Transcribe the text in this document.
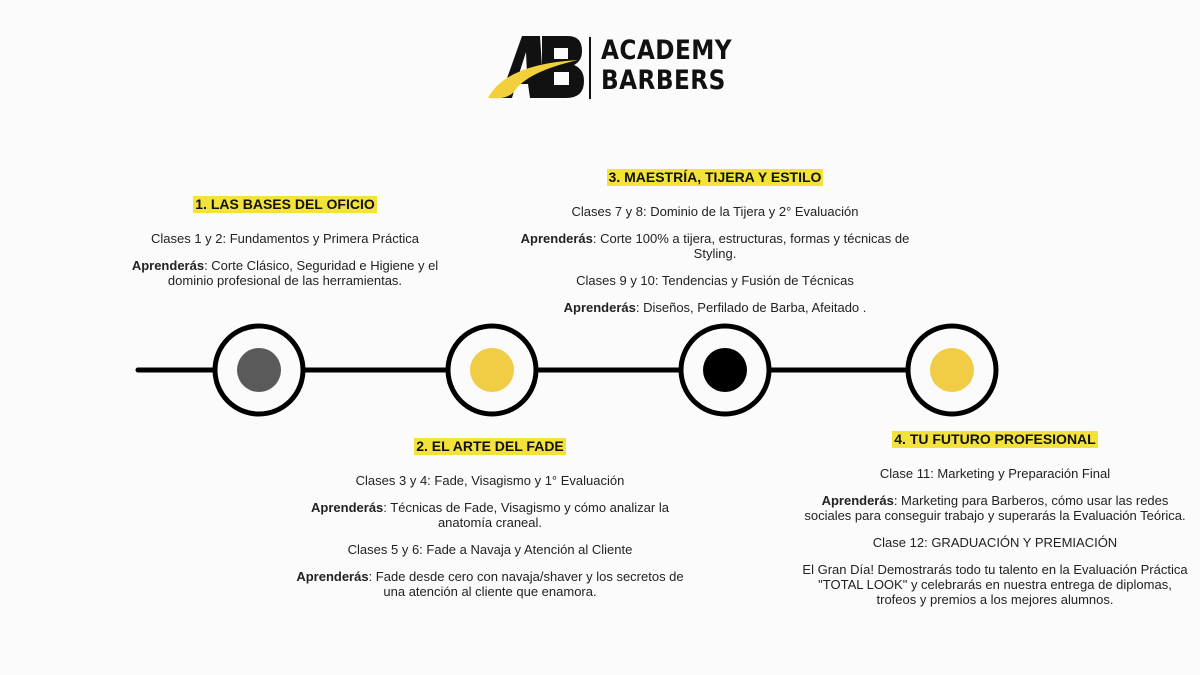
ACADEMY
BARBERS
1. LAS BASES DEL OFICIO

Clases 1 y 2: Fundamentos y Primera Práctica

Aprenderás: Corte Clásico, Seguridad e Higiene y el dominio profesional de las herramientas.

2. EL ARTE DEL FADE

Clases 3 y 4: Fade, Visagismo y 1° Evaluación

Aprenderás: Técnicas de Fade, Visagismo y cómo analizar la anatomía craneal.

Clases 5 y 6: Fade a Navaja y Atención al Cliente

Aprenderás: Fade desde cero con navaja/shaver y los secretos de una atención al cliente que enamora.

3. MAESTRÍA, TIJERA Y ESTILO

Clases 7 y 8: Dominio de la Tijera y 2° Evaluación

Aprenderás: Corte 100% a tijera, estructuras, formas y técnicas de Styling.

Clases 9 y 10: Tendencias y Fusión de Técnicas

Aprenderás: Diseños, Perfilado de Barba, Afeitado .

4. TU FUTURO PROFESIONAL

Clase 11: Marketing y Preparación Final

Aprenderás: Marketing para Barberos, cómo usar las redes sociales para conseguir trabajo y superarás la Evaluación Teórica.

Clase 12: GRADUACIÓN Y PREMIACIÓN

El Gran Día! Demostrarás todo tu talento en la Evaluación Práctica "TOTAL LOOK" y celebrarás en nuestra entrega de diplomas, trofeos y premios a los mejores alumnos.
